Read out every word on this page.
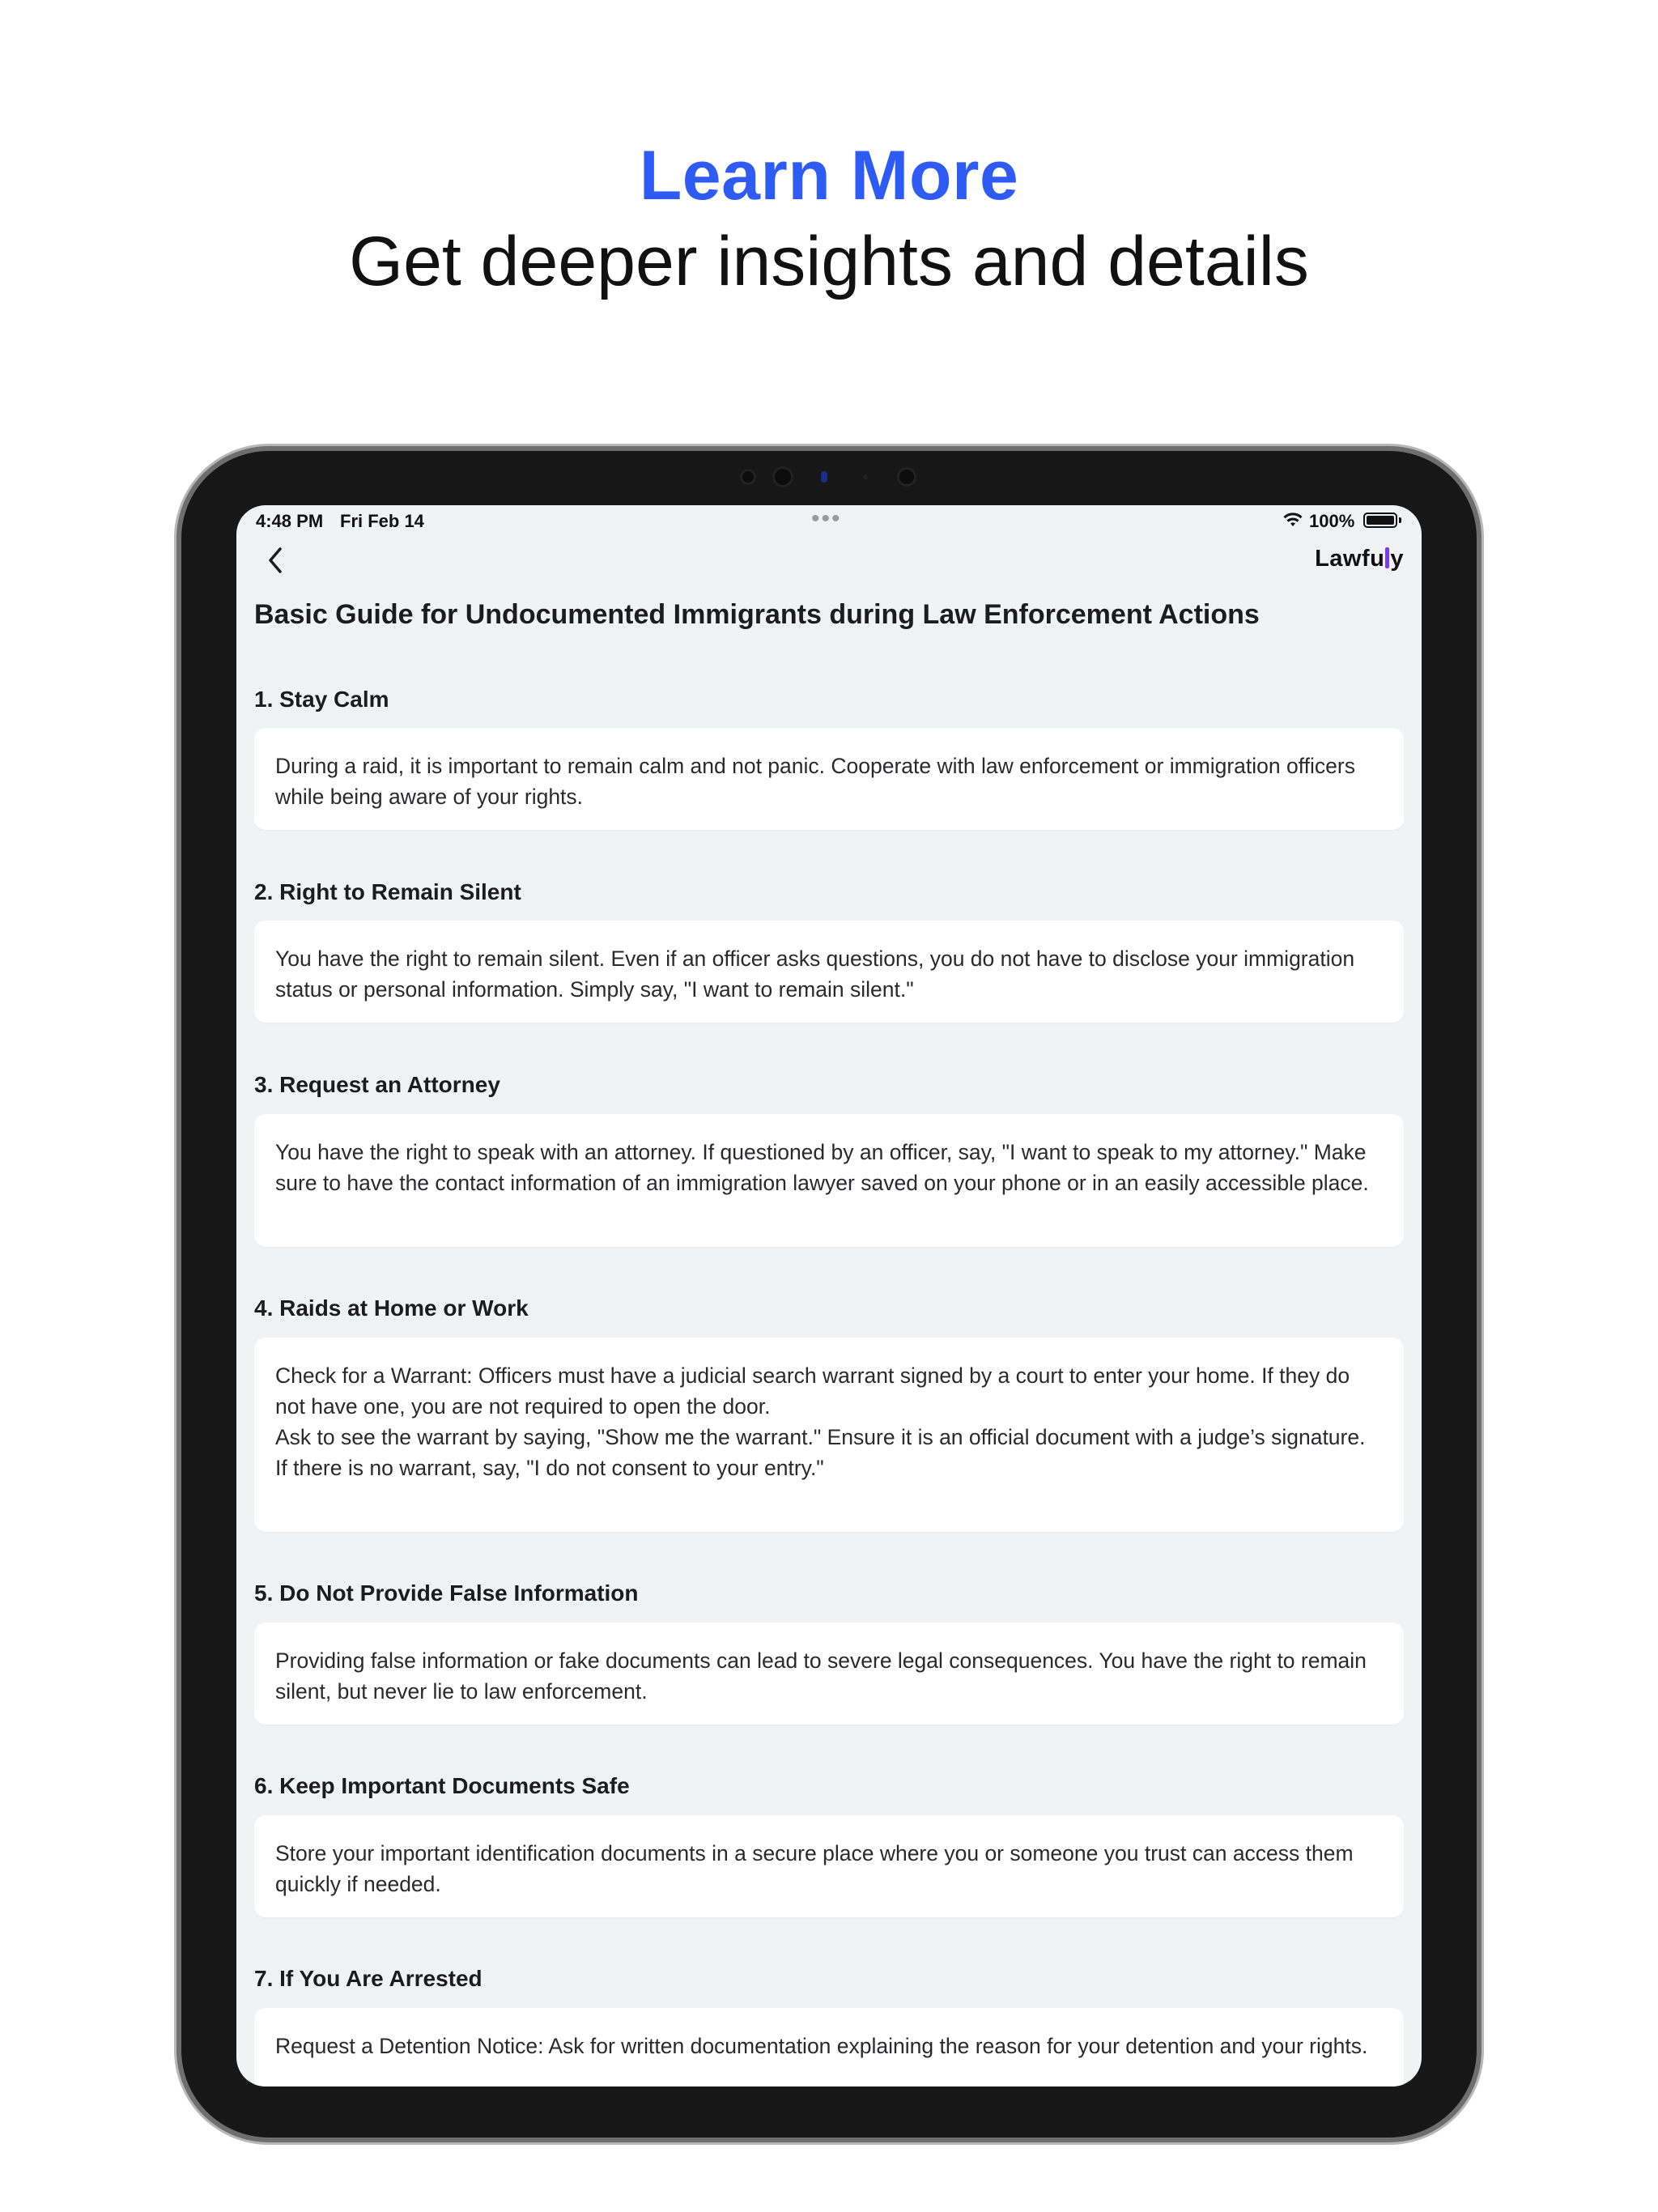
Learn More
Get deeper insights and details
4:48 PM Fri Feb 14	•••	100%
Lawfu y
Basic Guide for Undocumented Immigrants during Law Enforcement Actions
1. Stay Calm

During a raid, it is important to remain calm and not panic. Cooperate with law enforcement or immigration officers while being aware of your rights.

2. Right to Remain Silent

You have the right to remain silent. Even if an officer asks questions, you do not have to disclose your immigration status or personal information. Simply say, "I want to remain silent."

3. Request an Attorney

You have the right to speak with an attorney. If questioned by an officer, say, "I want to speak to my attorney." Make sure to have the contact information of an immigration lawyer saved on your phone or in an easily accessible place.

4. Raids at Home or Work

Check for a Warrant: Officers must have a judicial search warrant signed by a court to enter your home. If they do not have one, you are not required to open the door.

Ask to see the warrant by saying, "Show me the warrant." Ensure it is an official document with a judge’s signature. If there is no warrant, say, "I do not consent to your entry."

5. Do Not Provide False Information

Providing false information or fake documents can lead to severe legal consequences. You have the right to remain silent, but never lie to law enforcement.

6. Keep Important Documents Safe

Store your important identification documents in a secure place where you or someone you trust can access them quickly if needed.

7. If You Are Arrested

Request a Detention Notice: Ask for written documentation explaining the reason for your detention and your rights.
